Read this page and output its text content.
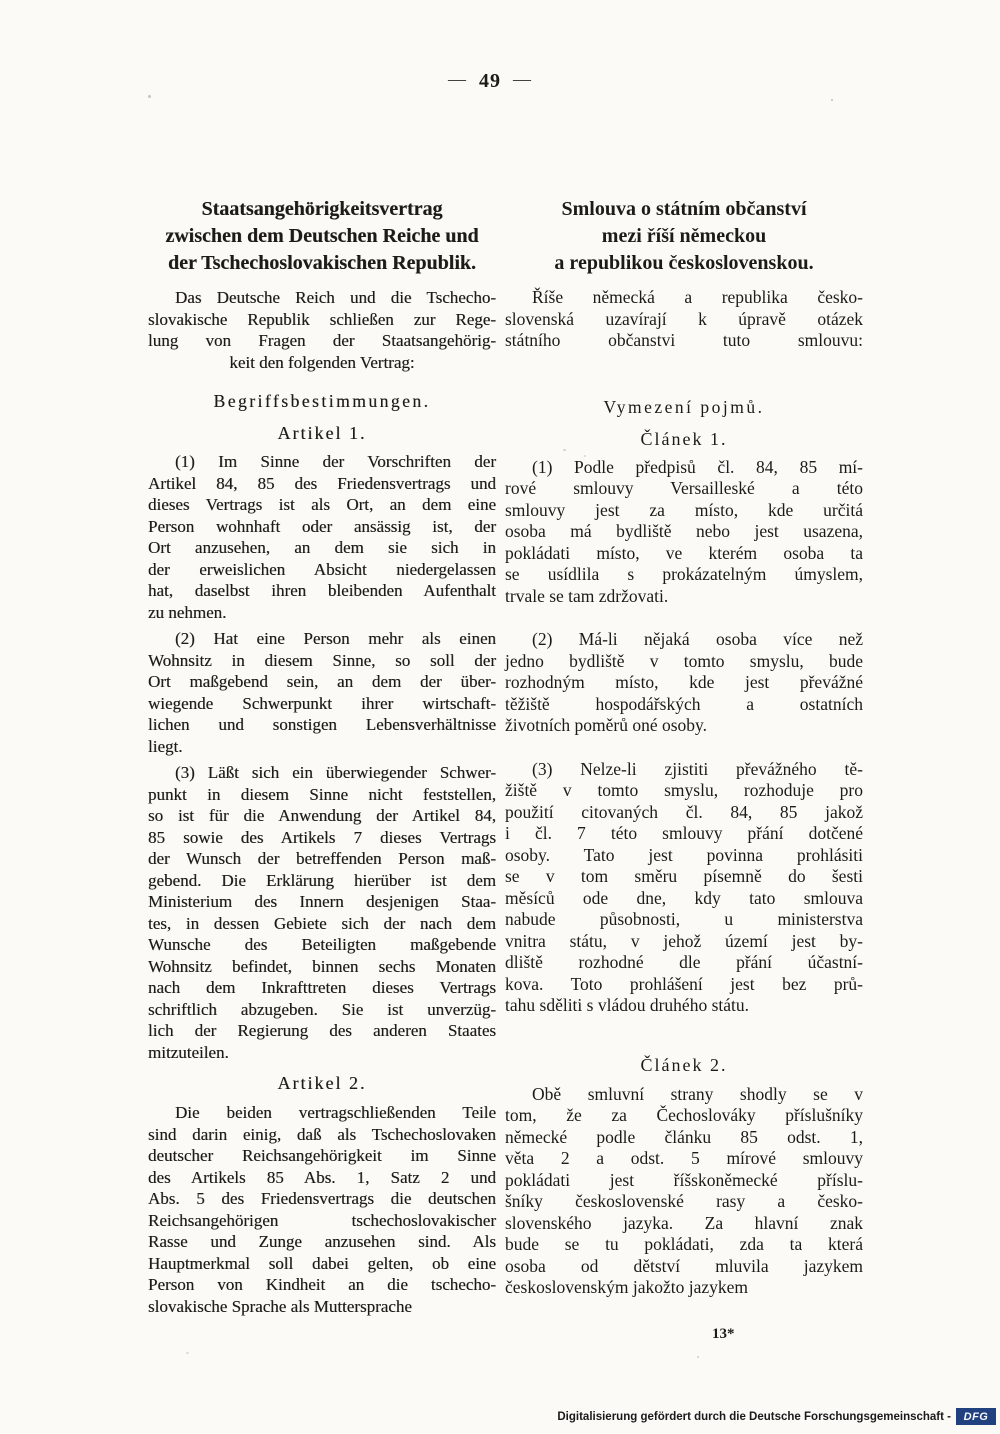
— 49 —
Staatsangehörigkeitsvertrag
zwischen dem Deutschen Reiche und
der Tschechoslovakischen Republik.
Das Deutsche Reich und die Tschecho-
slovakische Republik schließen zur Rege-
lung von Fragen der Staatsangehörig-
keit den folgenden Vertrag:
Begriffsbestimmungen.
Artikel 1.
(1) Im Sinne der Vorschriften der
Artikel 84, 85 des Friedensvertrags und
dieses Vertrags ist als Ort, an dem eine
Person wohnhaft oder ansässig ist, der
Ort anzusehen, an dem sie sich in
der erweislichen Absicht niedergelassen
hat, daselbst ihren bleibenden Aufenthalt
zu nehmen.
(2) Hat eine Person mehr als einen
Wohnsitz in diesem Sinne, so soll der
Ort maßgebend sein, an dem der über-
wiegende Schwerpunkt ihrer wirtschaft-
lichen und sonstigen Lebensverhältnisse
liegt.
(3) Läßt sich ein überwiegender Schwer-
punkt in diesem Sinne nicht feststellen,
so ist für die Anwendung der Artikel 84,
85 sowie des Artikels 7 dieses Vertrags
der Wunsch der betreffenden Person maß-
gebend. Die Erklärung hierüber ist dem
Ministerium des Innern desjenigen Staa-
tes, in dessen Gebiete sich der nach dem
Wunsche des Beteiligten maßgebende
Wohnsitz befindet, binnen sechs Monaten
nach dem Inkrafttreten dieses Vertrags
schriftlich abzugeben. Sie ist unverzüg-
lich der Regierung des anderen Staates
mitzuteilen.
Artikel 2.
Die beiden vertragschließenden Teile
sind darin einig, daß als Tschechoslovaken
deutscher Reichsangehörigkeit im Sinne
des Artikels 85 Abs. 1, Satz 2 und
Abs. 5 des Friedensvertrags die deutschen
Reichsangehörigen tschechoslovakischer
Rasse und Zunge anzusehen sind. Als
Hauptmerkmal soll dabei gelten, ob eine
Person von Kindheit an die tschecho-
slovakische Sprache als Muttersprache
Smlouva o státním občanství
mezi říší německou
a republikou československou.
Říše německá a republika česko-
slovenská uzavírají k úpravě otázek
státního občanstvi tuto smlouvu:
Vymezení pojmů.
Článek 1.
(1) Podle předpisů čl. 84, 85 mí-
rové smlouvy Versailleské a této
smlouvy jest za místo, kde určitá
osoba má bydliště nebo jest usazena,
pokládati místo, ve kterém osoba ta
se usídlila s prokázatelným úmyslem,
trvale se tam zdržovati.
(2) Má-li nějaká osoba více než
jedno bydliště v tomto smyslu, bude
rozhodným místo, kde jest převážné
těžiště hospodářských a ostatních
životních poměrů oné osoby.
(3) Nelze-li zjistiti převážného tě-
žiště v tomto smyslu, rozhoduje pro
použití citovaných čl. 84, 85 jakož
i čl. 7 této smlouvy přání dotčené
osoby. Tato jest povinna prohlásiti
se v tom směru písemně do šesti
měsíců ode dne, kdy tato smlouva
nabude působnosti, u ministerstva
vnitra státu, v jehož území jest by-
dliště rozhodné dle přání účastní-
kova. Toto prohlášení jest bez prů-
tahu sděliti s vládou druhého státu.
Článek 2.
Obě smluvní strany shodly se v
tom, že za Čechoslováky příslušníky
německé podle článku 85 odst. 1,
věta 2 a odst. 5 mírové smlouvy
pokládati jest říšskoněmecké příslu-
šníky československé rasy a česko-
slovenského jazyka. Za hlavní znak
bude se tu pokládati, zda ta která
osoba od dětství mluvila jazykem
československým jakožto jazykem
13*
Digitalisierung gefördert durch die Deutsche Forschungsgemeinschaft -	DFG
